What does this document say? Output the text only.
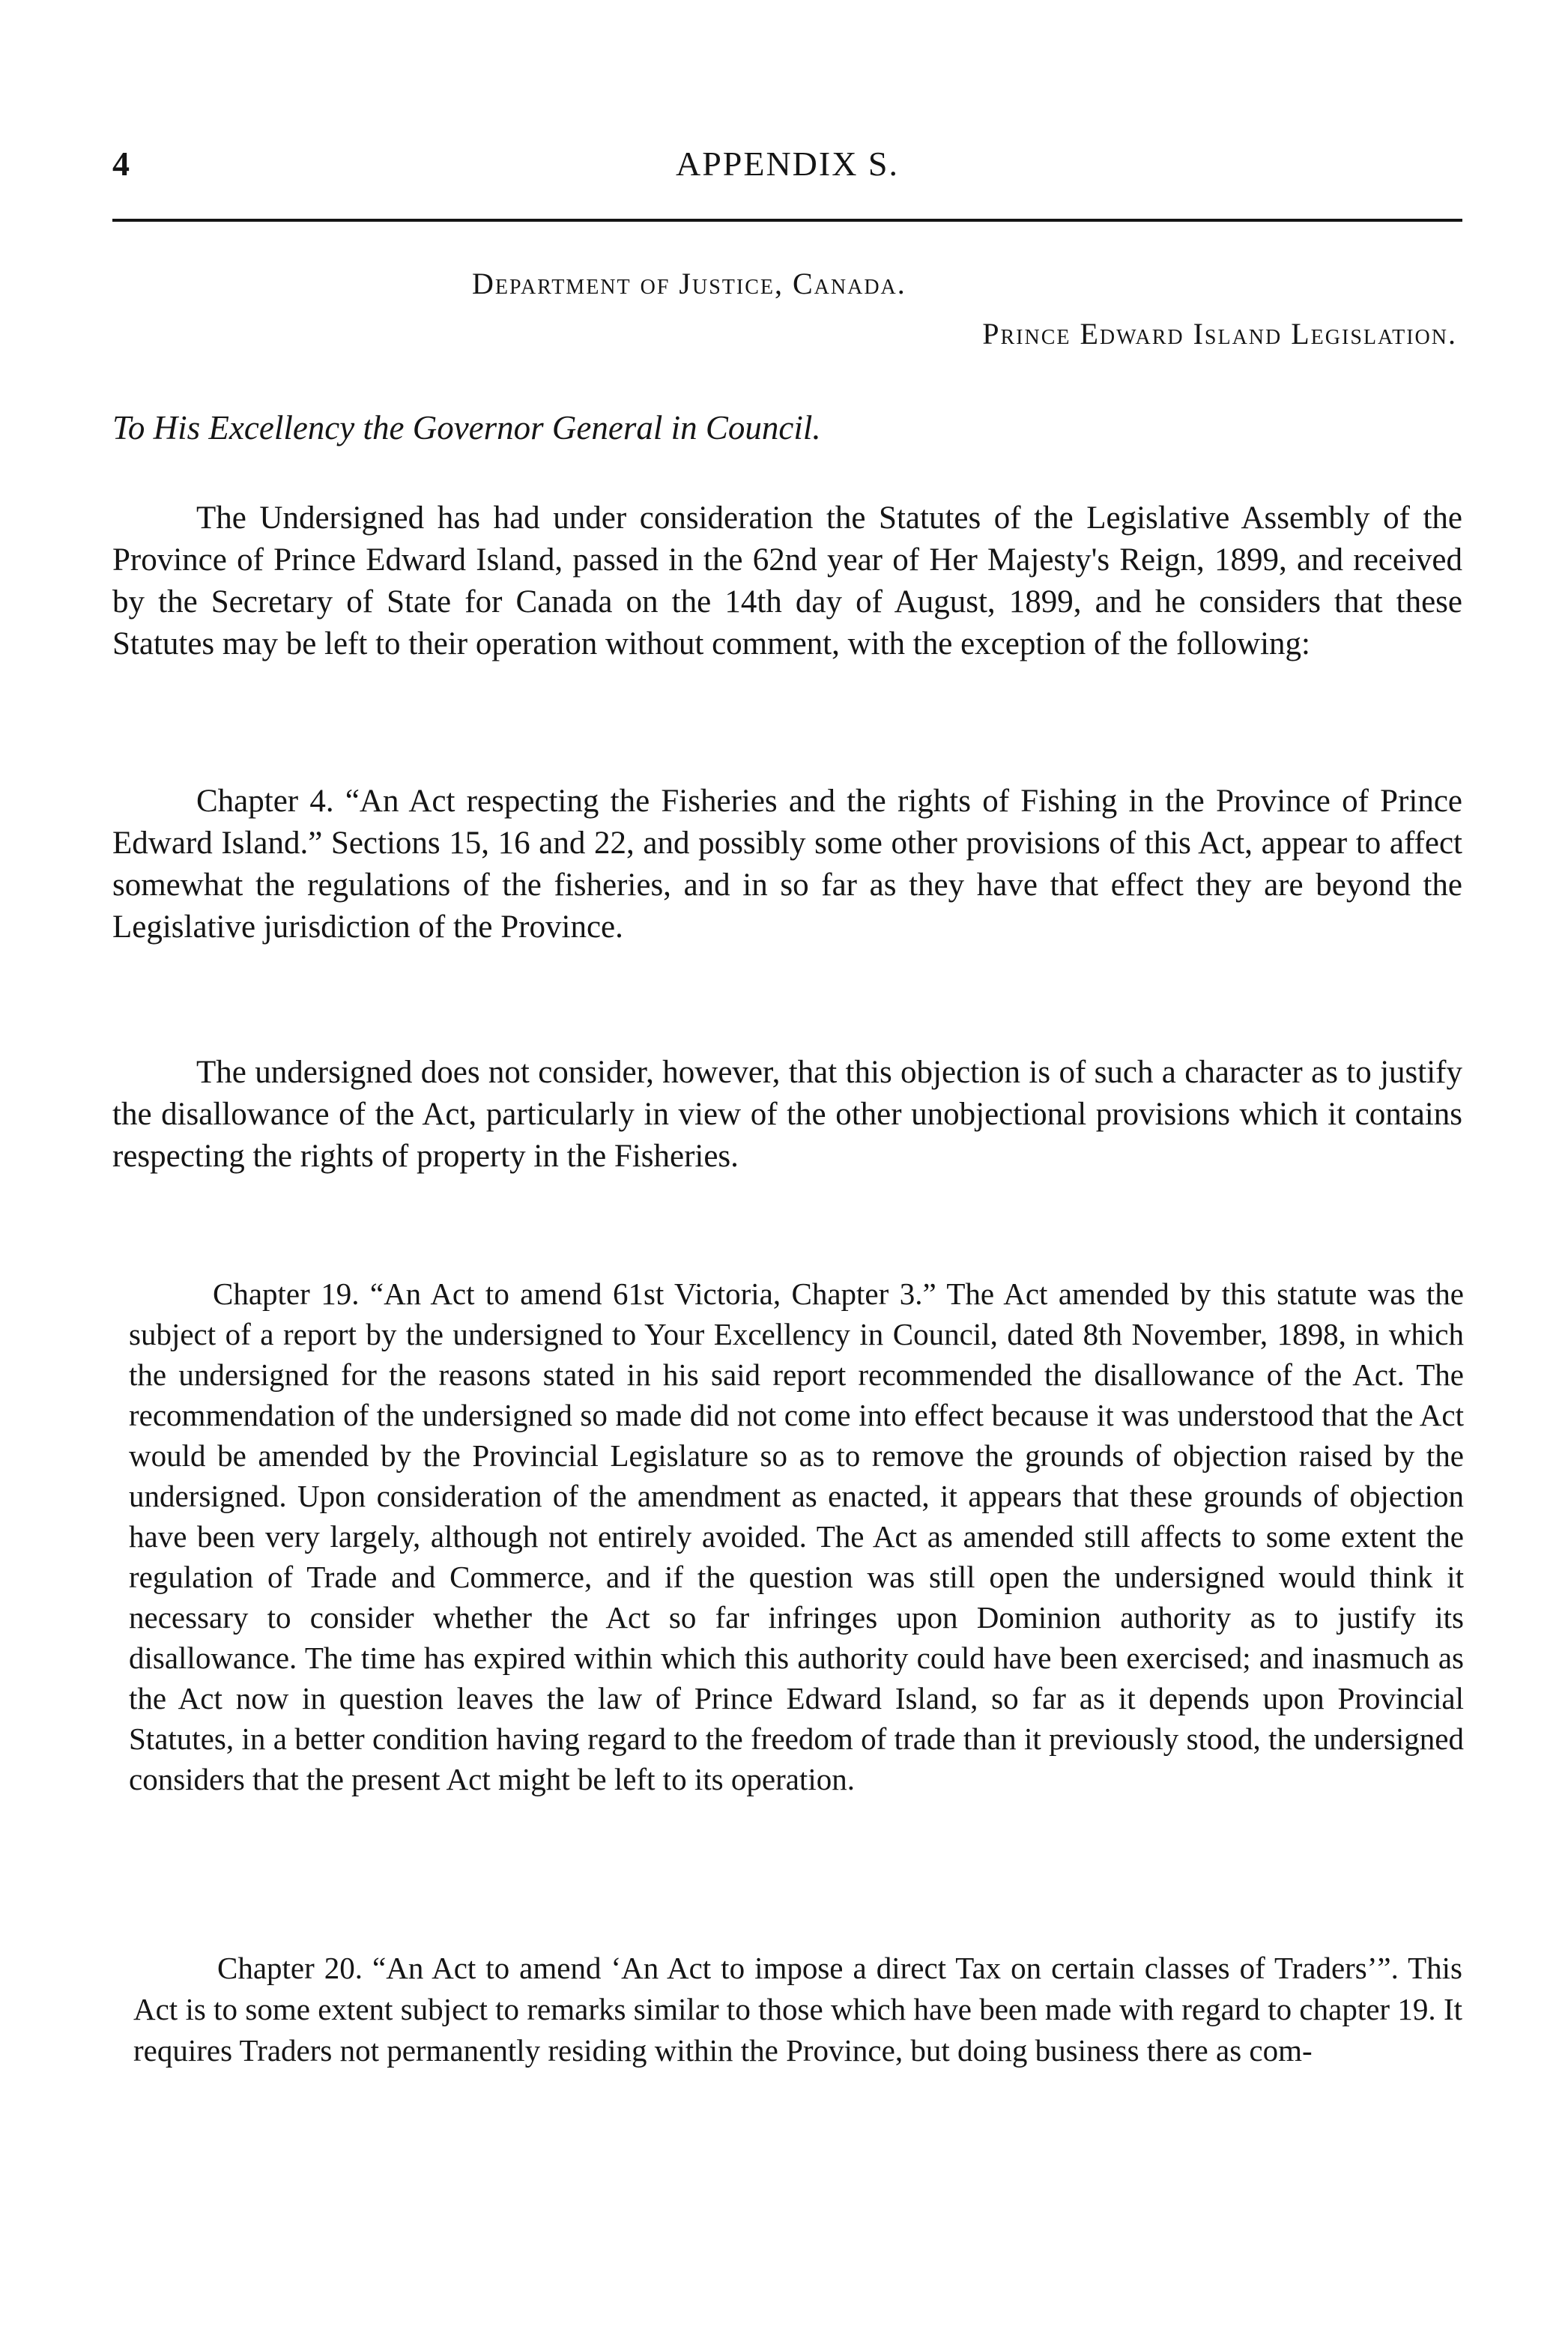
4	APPENDIX S.
Department of Justice, Canada.
Prince Edward Island Legislation.
To His Excellency the Governor General in Council.

The Undersigned has had under consideration the Statutes of the Legislative Assembly of the Province of Prince Edward Island, passed in the 62nd year of Her Majesty's Reign, 1899, and received by the Secretary of State for Canada on the 14th day of August, 1899, and he considers that these Statutes may be left to their operation without comment, with the exception of the following:

Chapter 4. “An Act respecting the Fisheries and the rights of Fishing in the Province of Prince Edward Island.” Sections 15, 16 and 22, and possibly some other provisions of this Act, appear to affect somewhat the regulations of the fisheries, and in so far as they have that effect they are beyond the Legislative jurisdiction of the Province.

The undersigned does not consider, however, that this objection is of such a character as to justify the disallowance of the Act, particularly in view of the other unobjectional provisions which it contains respecting the rights of property in the Fisheries.

Chapter 19. “An Act to amend 61st Victoria, Chapter 3.” The Act amended by this statute was the subject of a report by the undersigned to Your Excellency in Council, dated 8th November, 1898, in which the undersigned for the reasons stated in his said report recommended the disallowance of the Act. The recommendation of the undersigned so made did not come into effect because it was understood that the Act would be amended by the Provincial Legislature so as to remove the grounds of objection raised by the undersigned. Upon consideration of the amendment as enacted, it appears that these grounds of objection have been very largely, although not entirely avoided. The Act as amended still affects to some extent the regulation of Trade and Commerce, and if the question was still open the undersigned would think it necessary to consider whether the Act so far infringes upon Dominion authority as to justify its disallowance. The time has expired within which this authority could have been exercised; and inasmuch as the Act now in question leaves the law of Prince Edward Island, so far as it depends upon Provincial Statutes, in a better condition having regard to the freedom of trade than it previously stood, the undersigned considers that the present Act might be left to its operation.

Chapter 20. “An Act to amend ‘An Act to impose a direct Tax on certain classes of Traders’”. This Act is to some extent subject to remarks similar to those which have been made with regard to chapter 19. It requires Traders not permanently residing within the Province, but doing business there as com-
